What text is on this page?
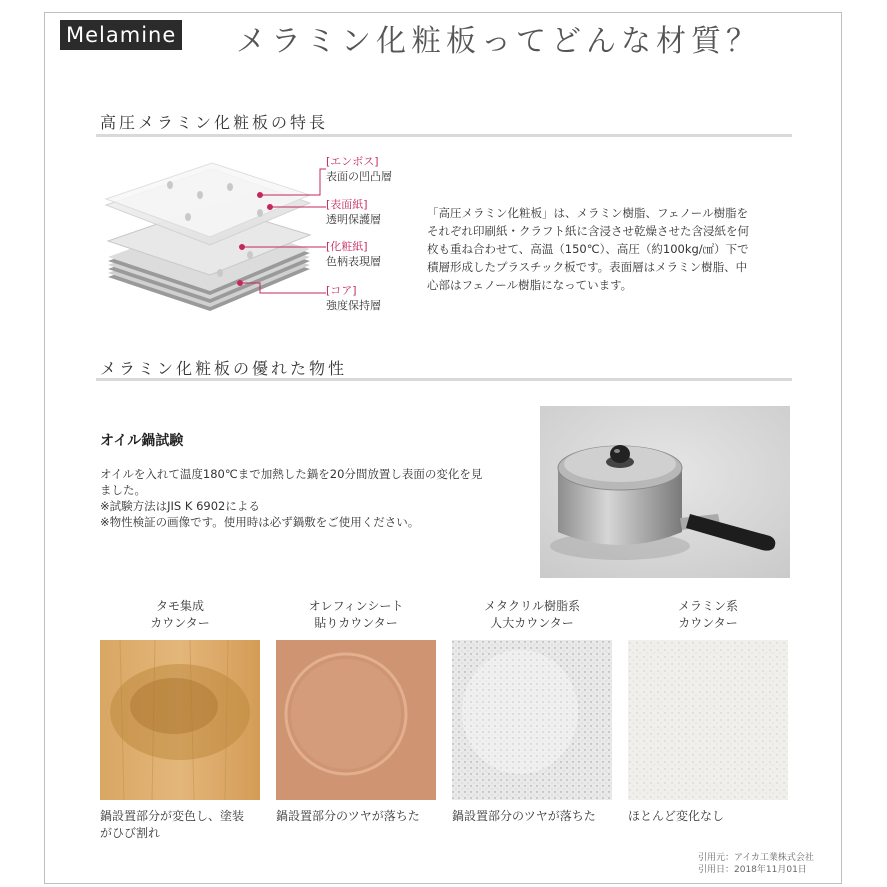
Melamine メラミン化粧板ってどんな材質？
高圧メラミン化粧板の特長
[エンボス]
表面の凹凸層
[表面紙]
透明保護層
[化粧紙]
色柄表現層
[コア]
強度保持層
「高圧メラミン化粧板」は、メラミン樹脂、フェノール樹脂を
それぞれ印刷紙・クラフト紙に含浸させ乾燥させた含浸紙を何
枚も重ね合わせて、高温（150℃）、高圧（約100kg/㎠）下で
積層形成したプラスチック板です。表面層はメラミン樹脂、中
心部はフェノール樹脂になっています。
メラミン化粧板の優れた物性
オイル鍋試験
オイルを入れて温度180℃まで加熱した鍋を20分間放置し表面の変化を見
ました。
※試験方法はJIS K 6902による
※物性検証の画像です。使用時は必ず鍋敷をご使用ください。
タモ集成
カウンター
オレフィンシート
貼りカウンター
メタクリル樹脂系
人大カウンター
メラミン系
カウンター
鍋設置部分が変色し、塗装
がひび割れ
鍋設置部分のツヤが落ちた	鍋設置部分のツヤが落ちた	ほとんど変化なし
引用元：アイカ工業株式会社
引用日：2018年11月01日
